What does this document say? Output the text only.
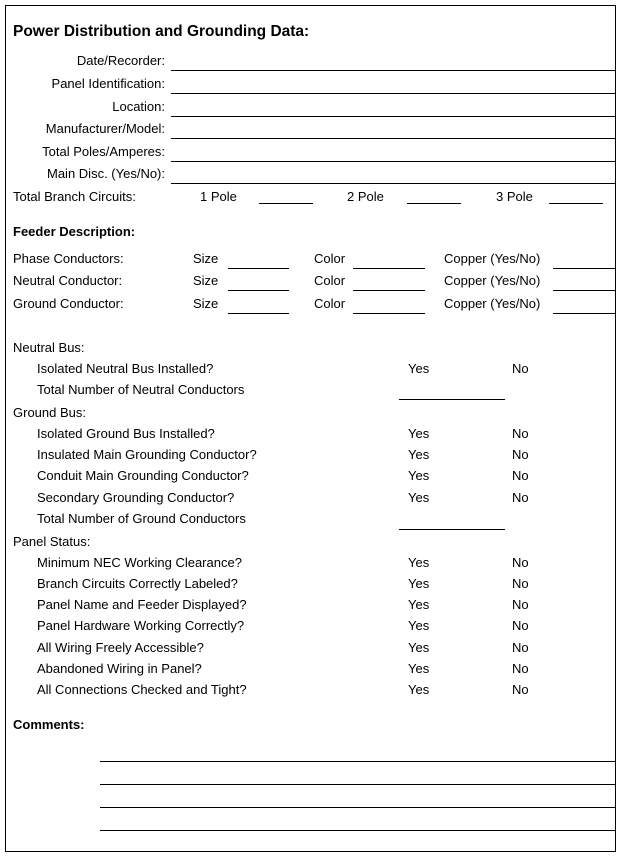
Power Distribution and Grounding Data:
Date/Recorder:
Panel Identification:
Location:
Manufacturer/Model:
Total Poles/Amperes:
Main Disc. (Yes/No):
Total Branch Circuits:	1 Pole	2 Pole	3 Pole
Feeder Description:
Phase Conductors:	Size	Color	Copper (Yes/No)
Neutral Conductor:	Size	Color	Copper (Yes/No)
Ground Conductor:	Size	Color	Copper (Yes/No)
Neutral Bus:
Isolated Neutral Bus Installed?	Yes	No
Total Number of Neutral Conductors
Ground Bus:
Isolated Ground Bus Installed?	Yes	No
Insulated Main Grounding Conductor?	Yes	No
Conduit Main Grounding Conductor?	Yes	No
Secondary Grounding Conductor?	Yes	No
Total Number of Ground Conductors
Panel Status:
Minimum NEC Working Clearance?	Yes	No
Branch Circuits Correctly Labeled?	Yes	No
Panel Name and Feeder Displayed?	Yes	No
Panel Hardware Working Correctly?	Yes	No
All Wiring Freely Accessible?	Yes	No
Abandoned Wiring in Panel?	Yes	No
All Connections Checked and Tight?	Yes	No
Comments:
